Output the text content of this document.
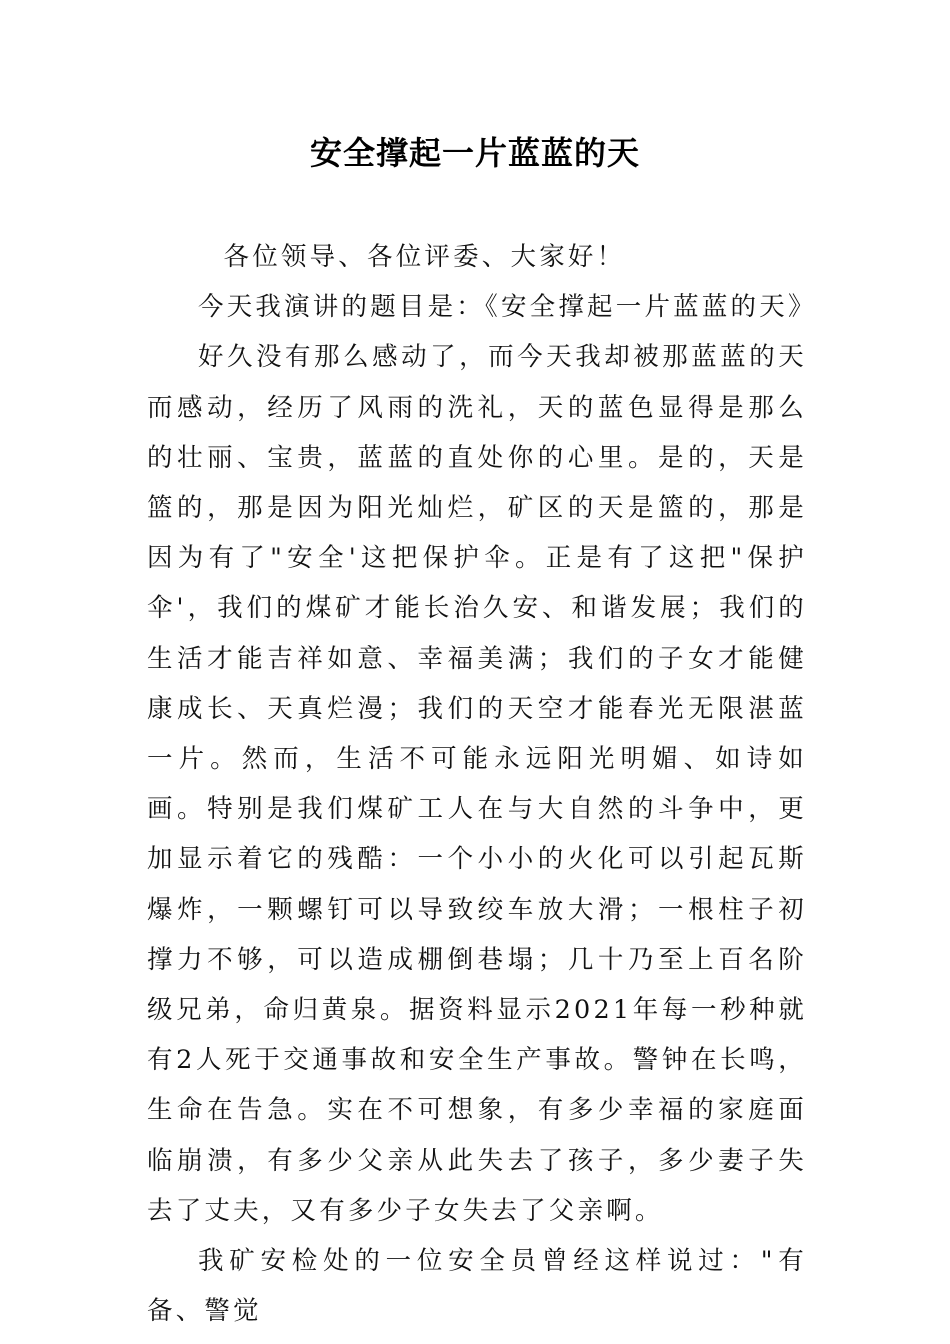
安全撑起一片蓝蓝的天

各位领导、各位评委、大家好！

今天我演讲的题目是：《安全撑起一片蓝蓝的天》

好久没有那么感动了，而今天我却被那蓝蓝的天而感动，经历了风雨的洗礼，天的蓝色显得是那么的壮丽、宝贵，蓝蓝的直处你的心里。是的，天是篮的，那是因为阳光灿烂，矿区的天是篮的，那是因为有了"安全'这把保护伞。正是有了这把"保护伞'，我们的煤矿才能长治久安、和谐发展；我们的生活才能吉祥如意、幸福美满；我们的子女才能健康成长、天真烂漫；我们的天空才能春光无限湛蓝一片。然而，生活不可能永远阳光明媚、如诗如画。特别是我们煤矿工人在与大自然的斗争中，更加显示着它的残酷：一个小小的火化可以引起瓦斯爆炸，一颗螺钉可以导致绞车放大滑；一根柱子初撑力不够，可以造成棚倒巷塌；几十乃至上百名阶级兄弟，命归黄泉。据资料显示2021年每一秒种就有2人死于交通事故和安全生产事故。警钟在长鸣，生命在告急。实在不可想象，有多少幸福的家庭面临崩溃，有多少父亲从此失去了孩子，多少妻子失去了丈夫，又有多少子女失去了父亲啊。

我矿安检处的一位安全员曾经这样说过："有备、警觉
